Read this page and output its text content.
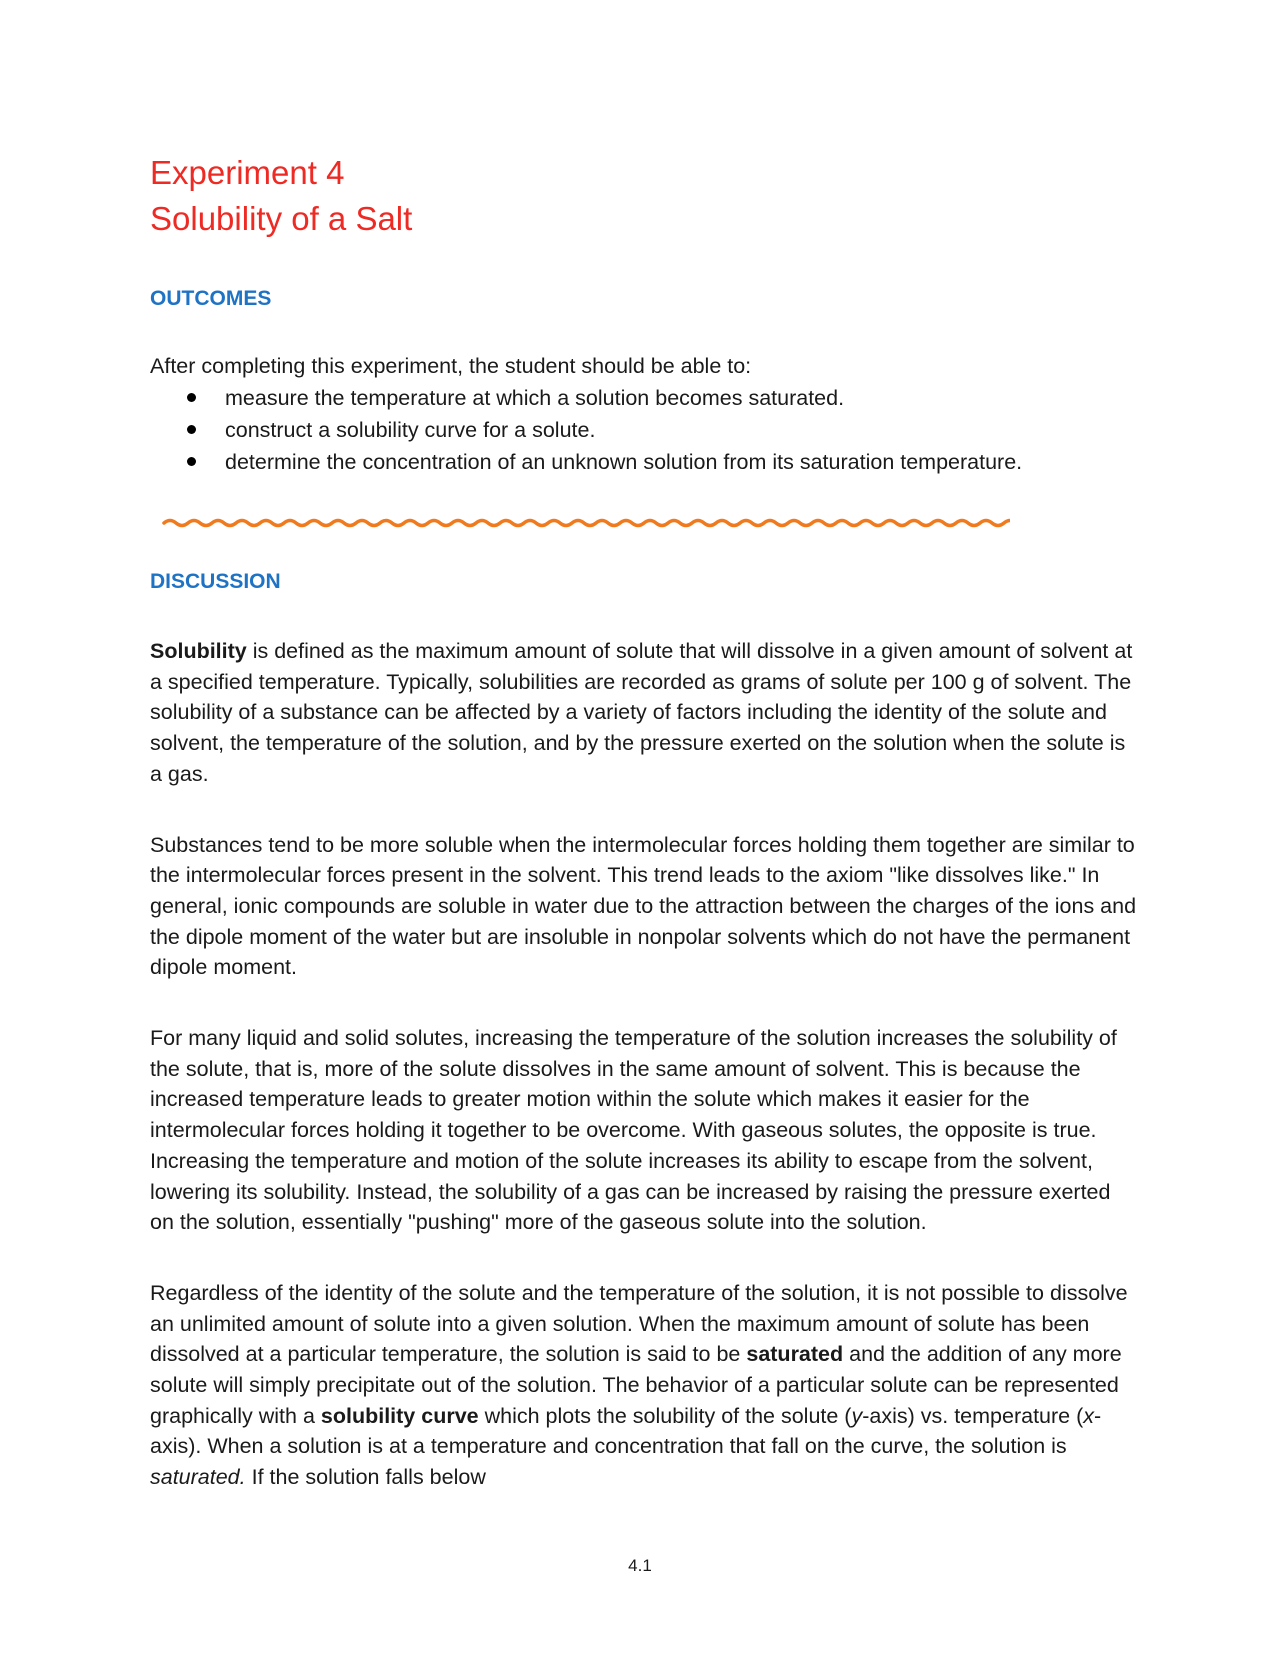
Experiment 4
Solubility of a Salt
OUTCOMES

After completing this experiment, the student should be able to:

measure the temperature at which a solution becomes saturated.
construct a solubility curve for a solute.
determine the concentration of an unknown solution from its saturation temperature.
DISCUSSION

Solubility is defined as the maximum amount of solute that will dissolve in a given amount of solvent at a specified temperature. Typically, solubilities are recorded as grams of solute per 100 g of solvent. The solubility of a substance can be affected by a variety of factors including the identity of the solute and solvent, the temperature of the solution, and by the pressure exerted on the solution when the solute is a gas.

Substances tend to be more soluble when the intermolecular forces holding them together are similar to the intermolecular forces present in the solvent. This trend leads to the axiom "like dissolves like." In general, ionic compounds are soluble in water due to the attraction between the charges of the ions and the dipole moment of the water but are insoluble in nonpolar solvents which do not have the permanent dipole moment.

For many liquid and solid solutes, increasing the temperature of the solution increases the solubility of the solute, that is, more of the solute dissolves in the same amount of solvent. This is because the increased temperature leads to greater motion within the solute which makes it easier for the intermolecular forces holding it together to be overcome. With gaseous solutes, the opposite is true. Increasing the temperature and motion of the solute increases its ability to escape from the solvent, lowering its solubility. Instead, the solubility of a gas can be increased by raising the pressure exerted on the solution, essentially "pushing" more of the gaseous solute into the solution.

Regardless of the identity of the solute and the temperature of the solution, it is not possible to dissolve an unlimited amount of solute into a given solution. When the maximum amount of solute has been dissolved at a particular temperature, the solution is said to be saturated and the addition of any more solute will simply precipitate out of the solution. The behavior of a particular solute can be represented graphically with a solubility curve which plots the solubility of the solute (y-axis) vs. temperature (x-axis). When a solution is at a temperature and concentration that fall on the curve, the solution is saturated. If the solution falls below

4.1
